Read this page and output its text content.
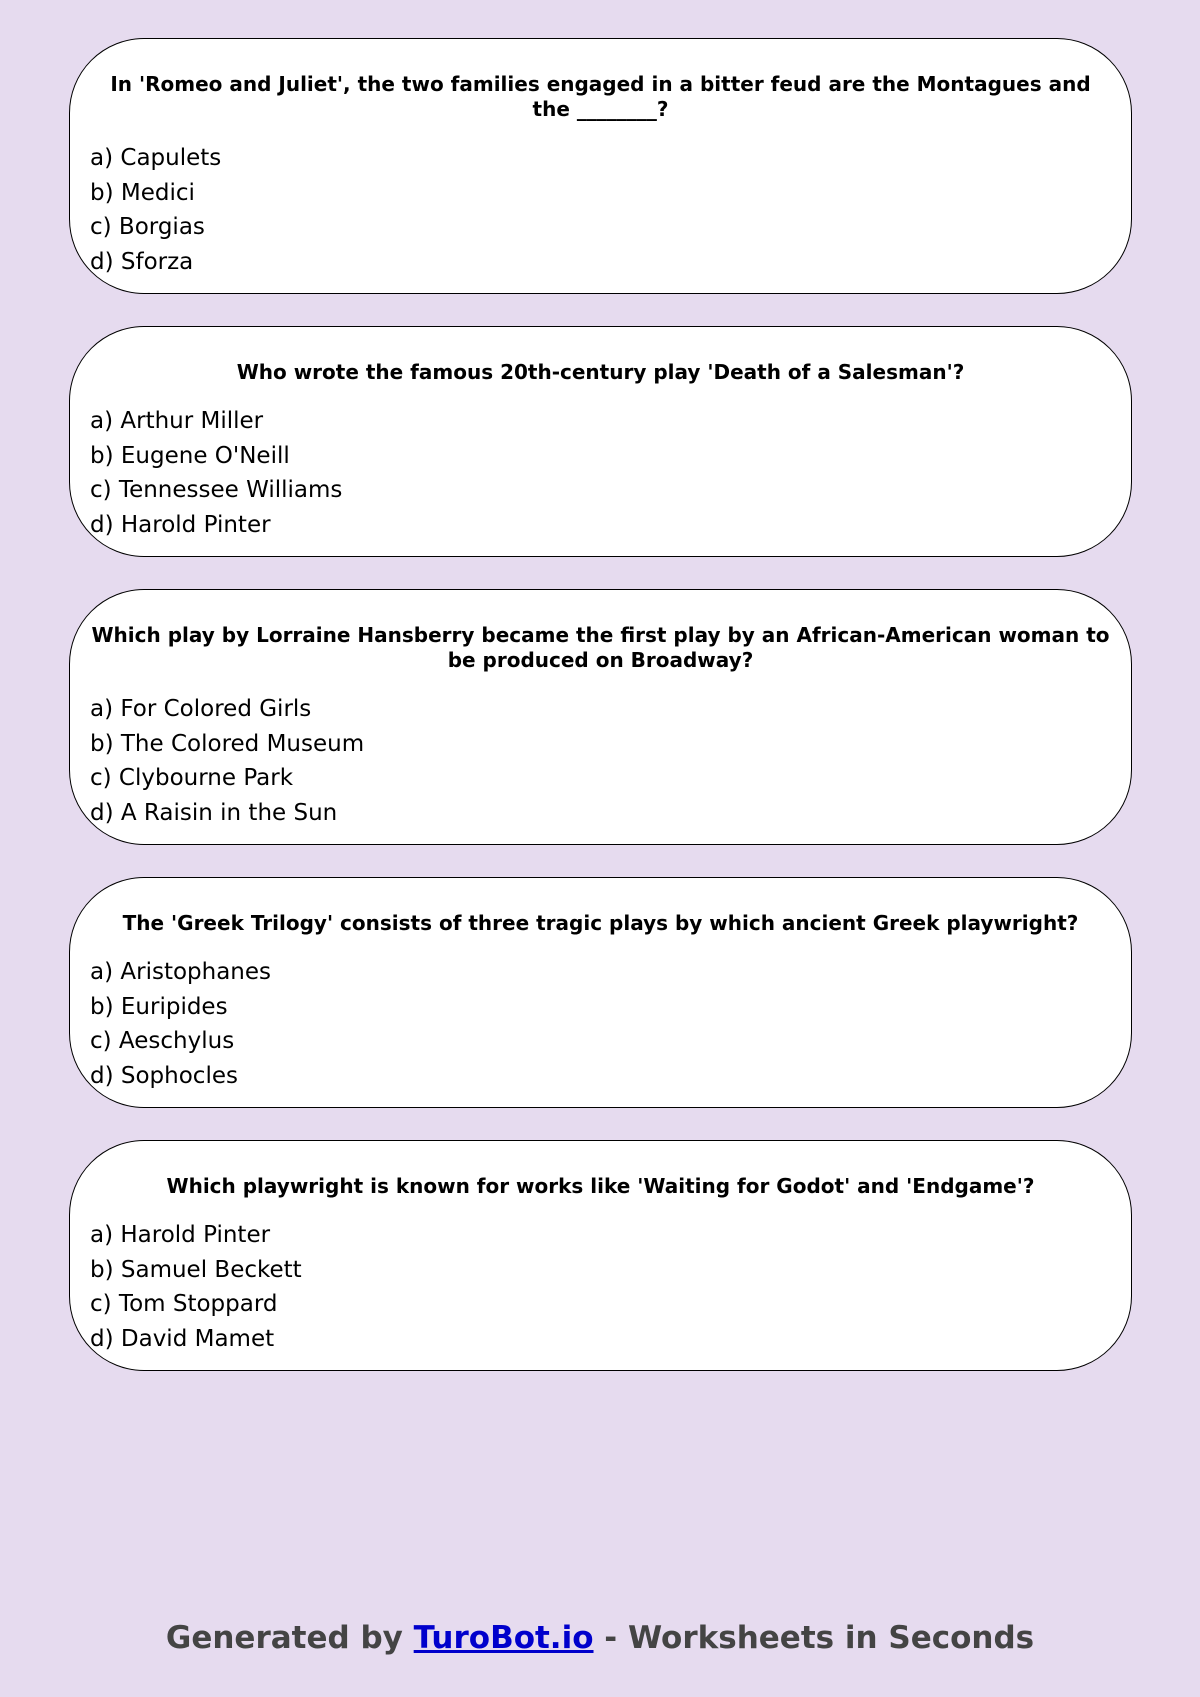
In 'Romeo and Juliet', the two families engaged in a bitter feud are the Montagues and the ________?
a) Capulets
b) Medici
c) Borgias
d) Sforza
Who wrote the famous 20th-century play 'Death of a Salesman'?
a) Arthur Miller
b) Eugene O'Neill
c) Tennessee Williams
d) Harold Pinter
Which play by Lorraine Hansberry became the first play by an African-American woman to be produced on Broadway?
a) For Colored Girls
b) The Colored Museum
c) Clybourne Park
d) A Raisin in the Sun
The 'Greek Trilogy' consists of three tragic plays by which ancient Greek playwright?
a) Aristophanes
b) Euripides
c) Aeschylus
d) Sophocles
Which playwright is known for works like 'Waiting for Godot' and 'Endgame'?
a) Harold Pinter
b) Samuel Beckett
c) Tom Stoppard
d) David Mamet
Generated by TuroBot.io - Worksheets in Seconds
